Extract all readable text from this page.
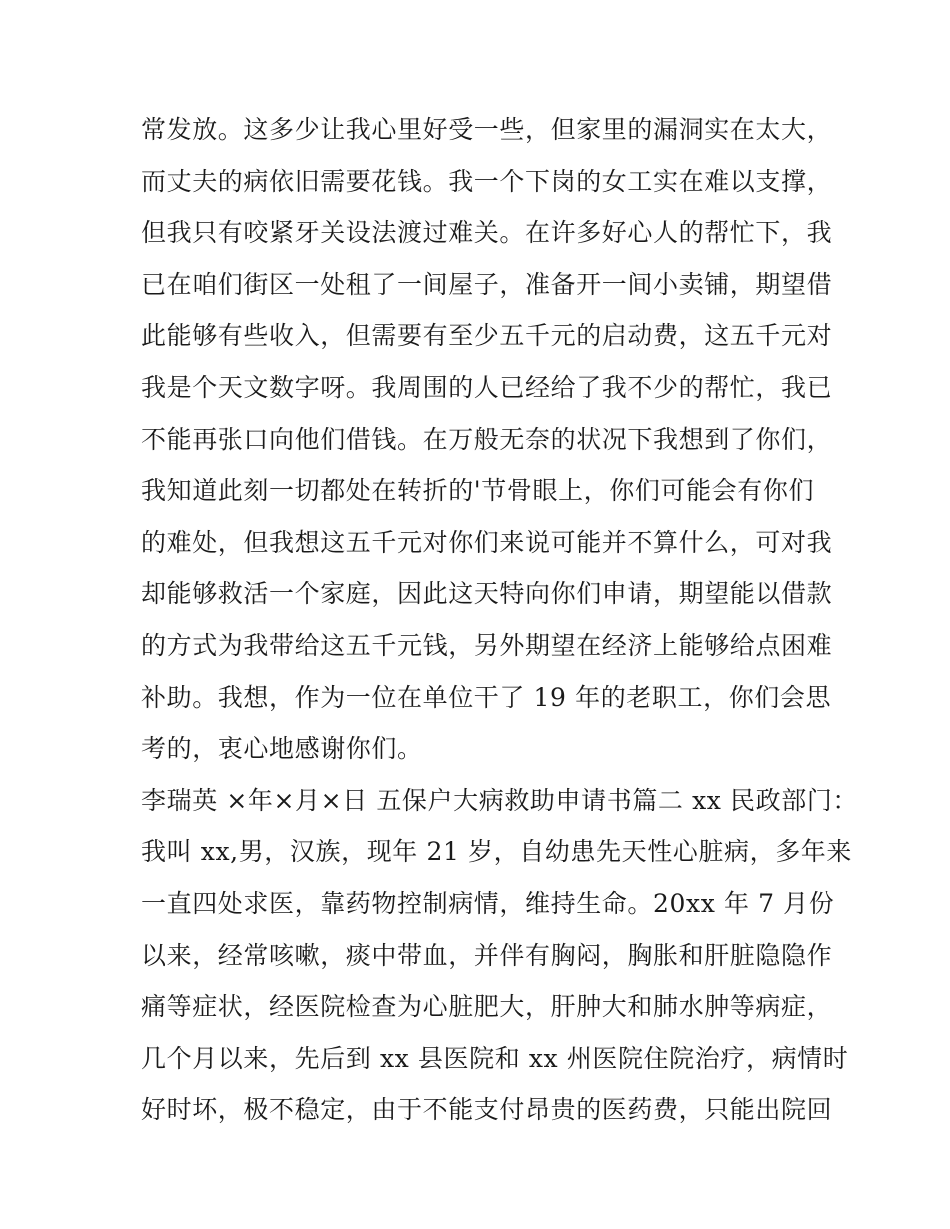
常发放。这多少让我心里好受一些，但家里的漏洞实在太大，
而丈夫的病依旧需要花钱。我一个下岗的女工实在难以支撑，
但我只有咬紧牙关设法渡过难关。在许多好心人的帮忙下，我
已在咱们街区一处租了一间屋子，准备开一间小卖铺，期望借
此能够有些收入，但需要有至少五千元的启动费，这五千元对
我是个天文数字呀。我周围的人已经给了我不少的帮忙，我已
不能再张口向他们借钱。在万般无奈的状况下我想到了你们，
我知道此刻一切都处在转折的'节骨眼上，你们可能会有你们
的难处，但我想这五千元对你们来说可能并不算什么，可对我
却能够救活一个家庭，因此这天特向你们申请，期望能以借款
的方式为我带给这五千元钱，另外期望在经济上能够给点困难
补助。我想，作为一位在单位干了 19 年的老职工，你们会思
考的，衷心地感谢你们。
李瑞英 ×年×月×日 五保户大病救助申请书篇二 xx 民政部门：
我叫 xx,男，汉族，现年 21 岁，自幼患先天性心脏病，多年来
一直四处求医，靠药物控制病情，维持生命。20xx 年 7 月份
以来，经常咳嗽，痰中带血，并伴有胸闷，胸胀和肝脏隐隐作
痛等症状，经医院检查为心脏肥大，肝肿大和肺水肿等病症，
几个月以来，先后到 xx 县医院和 xx 州医院住院治疗，病情时
好时坏，极不稳定，由于不能支付昂贵的医药费，只能出院回
